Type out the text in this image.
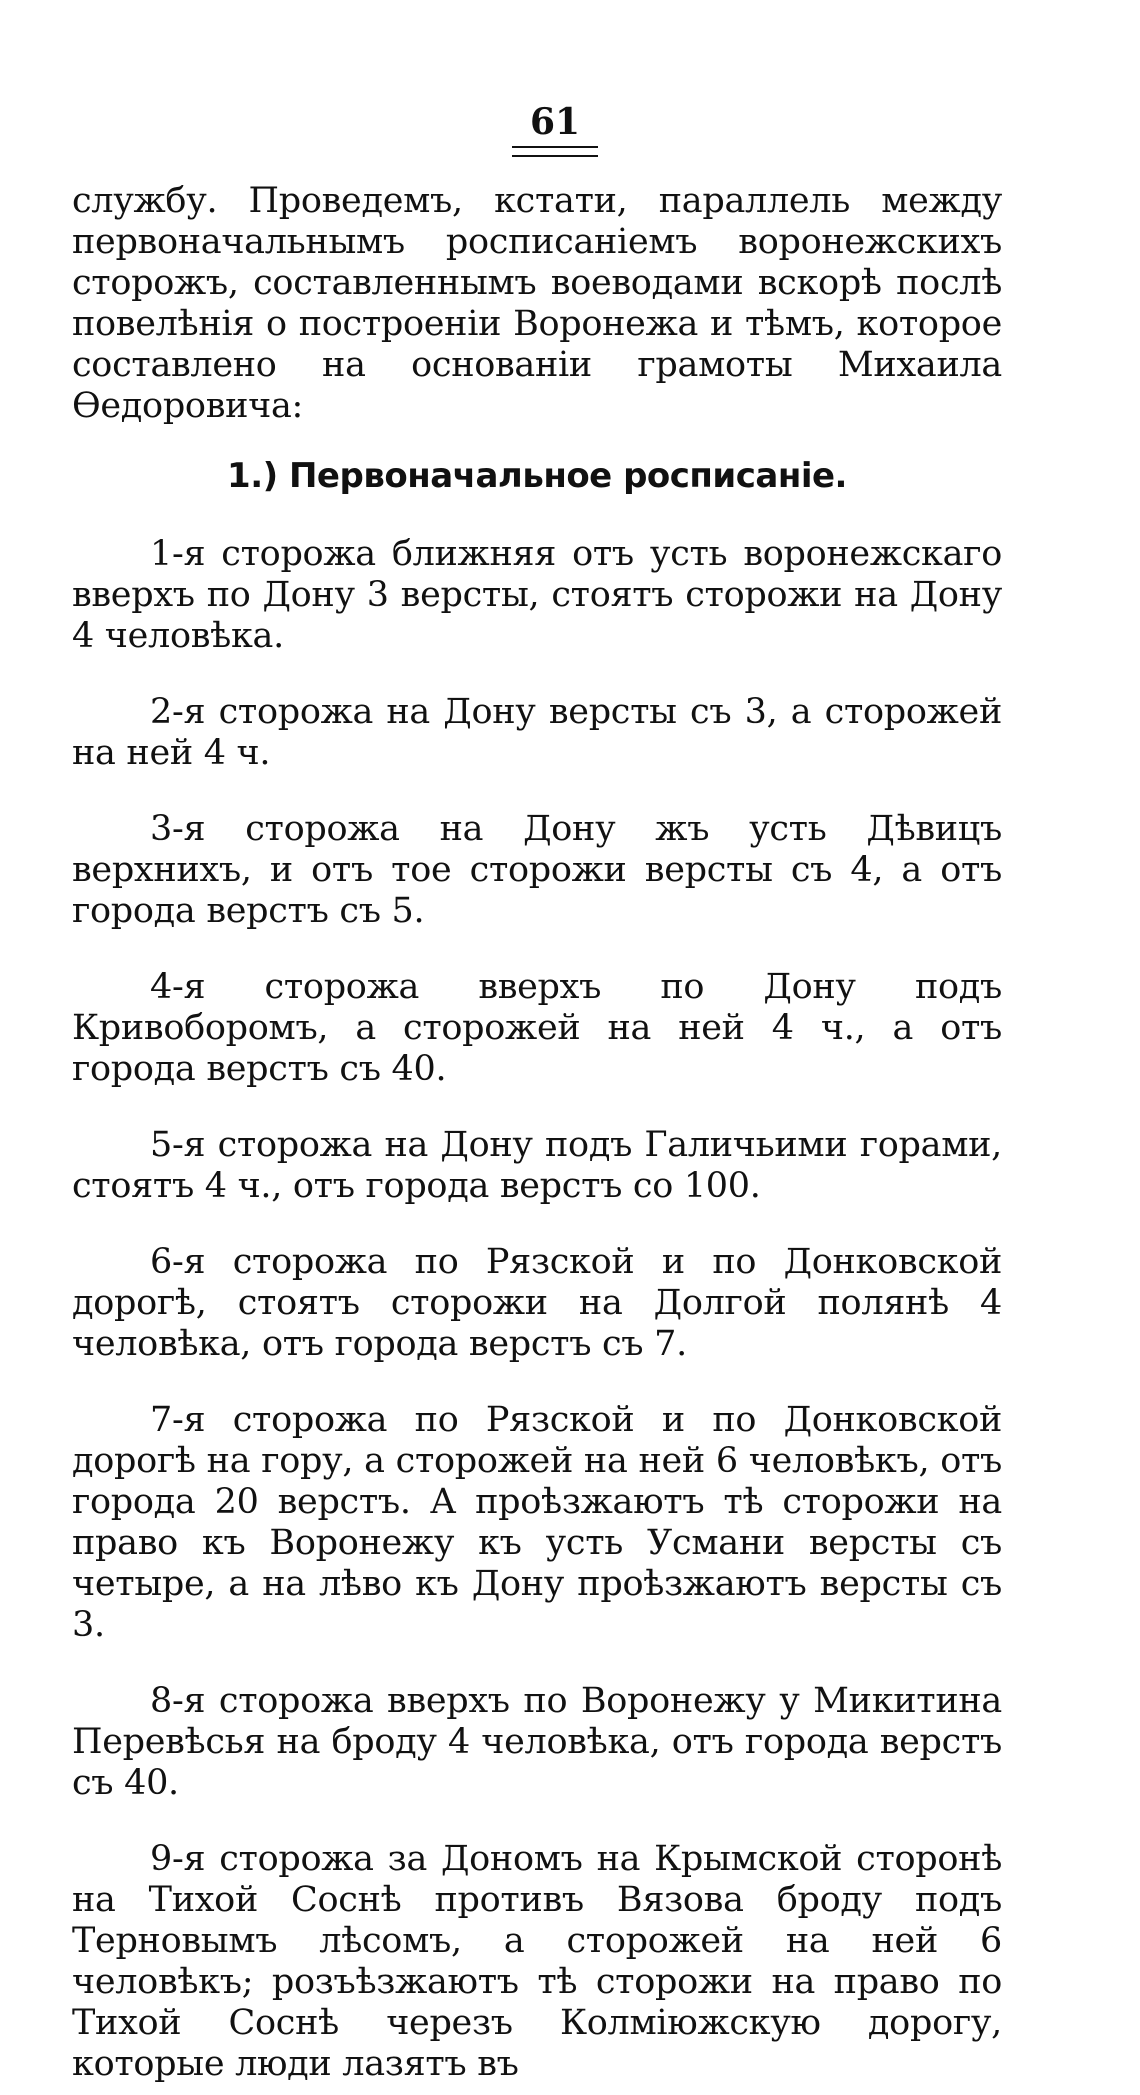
61

службу. Проведемъ, кстати, параллель между первоначальнымъ росписаніемъ воронежскихъ сторожъ, составленнымъ воеводами вскорѣ послѣ повелѣнія о построеніи Воронежа и тѣмъ, которое составлено на основаніи грамоты Михаила Ѳедоровича:

1.) Первоначальное росписаніе.

1-я сторожа ближняя отъ усть воронежскагo вверхъ по Дону 3 версты, стоятъ сторожи на Дону 4 человѣка.

2-я сторожа на Дону версты съ 3, а сторожей на ней 4 ч.

3-я сторожа на Дону жъ усть Дѣвицъ верхнихъ, и отъ тое сторожи версты съ 4, а отъ города верстъ съ 5.

4-я сторожа вверхъ по Дону подъ Кривоборомъ, а сторожей на ней 4 ч., а отъ города верстъ съ 40.

5-я сторожа на Дону подъ Галичьими горами, стоятъ 4 ч., отъ города верстъ со 100.

6-я сторожа по Рязской и по Донковской дорогѣ, стоятъ сторожи на Долгой полянѣ 4 человѣка, отъ города верстъ съ 7.

7-я сторожа по Рязской и по Донковской дорогѣ на гору, а сторожей на ней 6 человѣкъ, отъ города 20 верстъ. А проѣзжаютъ тѣ сторожи на право къ Воронежу къ усть Усмани версты съ четыре, а на лѣво къ Дону проѣзжаютъ версты съ 3.

8-я сторожа вверхъ по Воронежу у Микитина Перевѣсья на броду 4 человѣка, отъ города верстъ съ 40.

9-я сторожа за Дономъ на Крымской сторонѣ на Тихой Соснѣ противъ Вязова броду подъ Терновымъ лѣсомъ, а сторожей на ней 6 человѣкъ; розъѣзжаютъ тѣ сторожи на право по Тихой Соснѣ черезъ Колміюжскую дорогу, которые люди лазятъ въ
